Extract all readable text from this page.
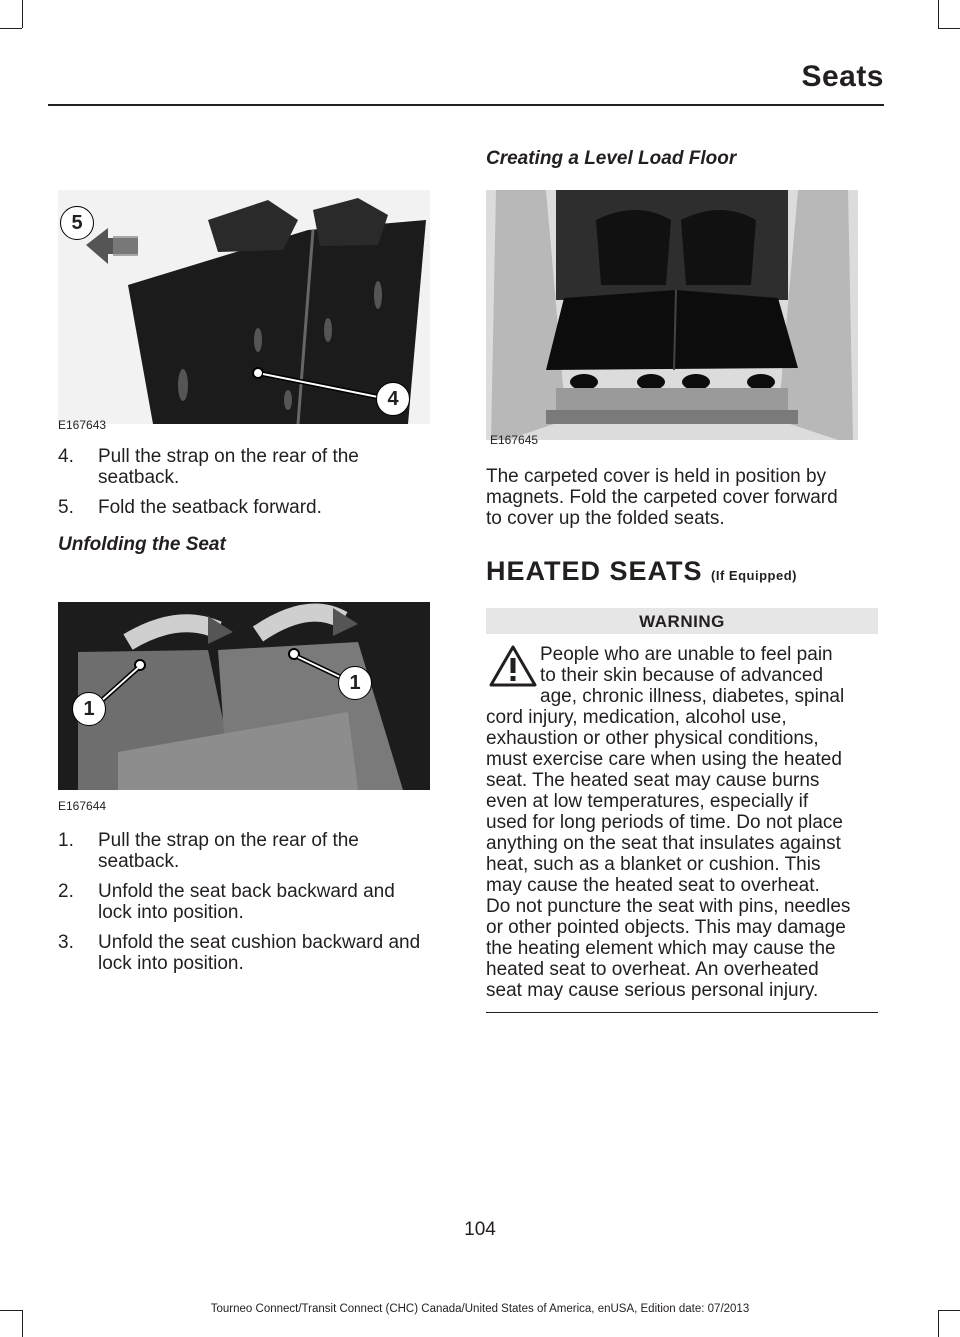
Seats
5
4
E167643
4. Pull the strap on the rear of the
seatback.
5. Fold the seatback forward.
Unfolding the Seat
1
1
E167644
1. Pull the strap on the rear of the
seatback.
2. Unfold the seat back backward and
lock into position.
3. Unfold the seat cushion backward and
lock into position.
Creating a Level Load Floor
E167645
The carpeted cover is held in position by
magnets. Fold the carpeted cover forward
to cover up the folded seats.
HEATED SEATS (If Equipped)
WARNING
People who are unable to feel pain
to their skin because of advanced
age, chronic illness, diabetes, spinal
cord injury, medication, alcohol use,
exhaustion or other physical conditions,
must exercise care when using the heated
seat. The heated seat may cause burns
even at low temperatures, especially if
used for long periods of time. Do not place
anything on the seat that insulates against
heat, such as a blanket or cushion. This
may cause the heated seat to overheat.
Do not puncture the seat with pins, needles
or other pointed objects. This may damage
the heating element which may cause the
heated seat to overheat. An overheated
seat may cause serious personal injury.
104
Tourneo Connect/Transit Connect (CHC) Canada/United States of America, enUSA, Edition date: 07/2013
